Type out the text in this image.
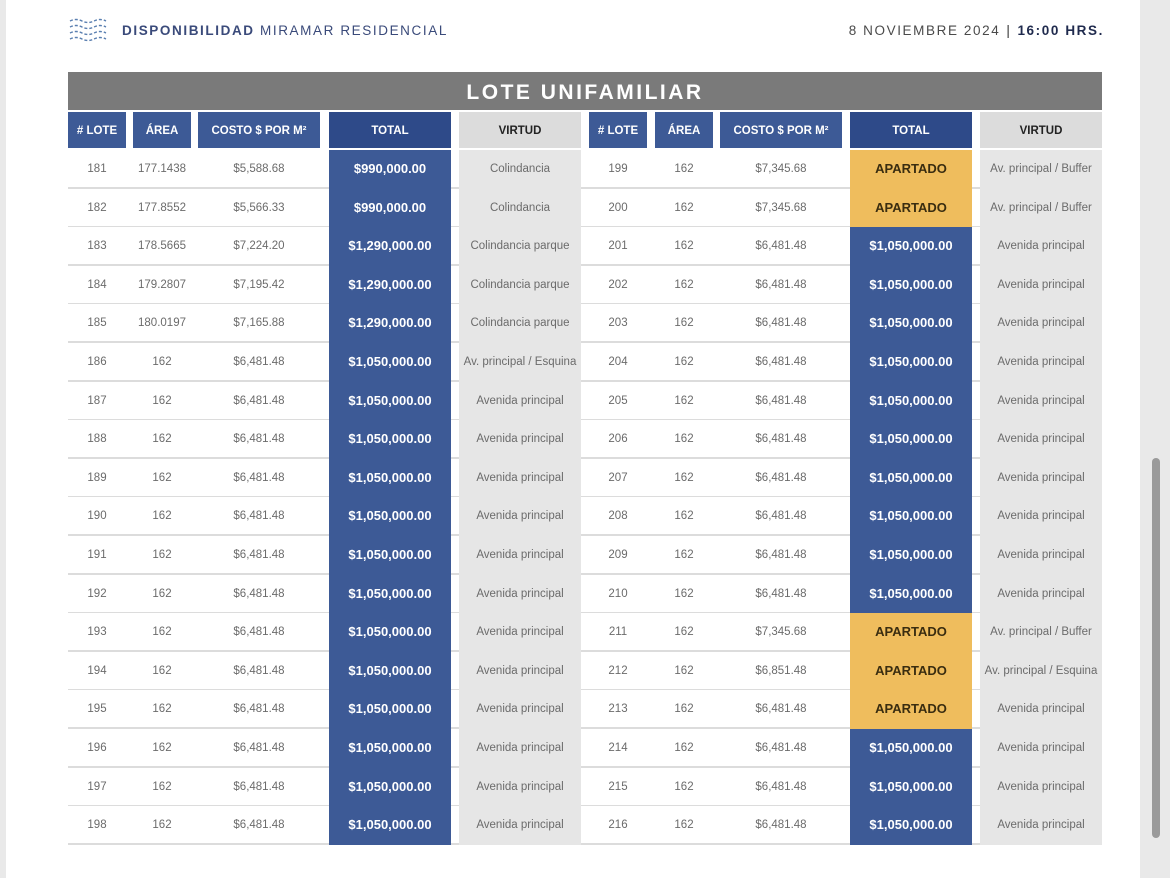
DISPONIBILIDAD MIRAMAR RESIDENCIAL	8 NOVIEMBRE 2024 | 16:00 HRS.
LOTE UNIFAMILIAR
# LOTE	ÁREA	COSTO $ POR M²	TOTAL	VIRTUD	# LOTE	ÁREA	COSTO $ POR M²	TOTAL	VIRTUD
181	177.1438	$5,588.68	$990,000.00	Colindancia	199	162	$7,345.68	APARTADO	Av. principal / Buffer
182	177.8552	$5,566.33	$990,000.00	Colindancia	200	162	$7,345.68	APARTADO	Av. principal / Buffer
183	178.5665	$7,224.20	$1,290,000.00	Colindancia parque	201	162	$6,481.48	$1,050,000.00	Avenida principal
184	179.2807	$7,195.42	$1,290,000.00	Colindancia parque	202	162	$6,481.48	$1,050,000.00	Avenida principal
185	180.0197	$7,165.88	$1,290,000.00	Colindancia parque	203	162	$6,481.48	$1,050,000.00	Avenida principal
186	162	$6,481.48	$1,050,000.00	Av. principal / Esquina	204	162	$6,481.48	$1,050,000.00	Avenida principal
187	162	$6,481.48	$1,050,000.00	Avenida principal	205	162	$6,481.48	$1,050,000.00	Avenida principal
188	162	$6,481.48	$1,050,000.00	Avenida principal	206	162	$6,481.48	$1,050,000.00	Avenida principal
189	162	$6,481.48	$1,050,000.00	Avenida principal	207	162	$6,481.48	$1,050,000.00	Avenida principal
190	162	$6,481.48	$1,050,000.00	Avenida principal	208	162	$6,481.48	$1,050,000.00	Avenida principal
191	162	$6,481.48	$1,050,000.00	Avenida principal	209	162	$6,481.48	$1,050,000.00	Avenida principal
192	162	$6,481.48	$1,050,000.00	Avenida principal	210	162	$6,481.48	$1,050,000.00	Avenida principal
193	162	$6,481.48	$1,050,000.00	Avenida principal	211	162	$7,345.68	APARTADO	Av. principal / Buffer
194	162	$6,481.48	$1,050,000.00	Avenida principal	212	162	$6,851.48	APARTADO	Av. principal / Esquina
195	162	$6,481.48	$1,050,000.00	Avenida principal	213	162	$6,481.48	APARTADO	Avenida principal
196	162	$6,481.48	$1,050,000.00	Avenida principal	214	162	$6,481.48	$1,050,000.00	Avenida principal
197	162	$6,481.48	$1,050,000.00	Avenida principal	215	162	$6,481.48	$1,050,000.00	Avenida principal
198	162	$6,481.48	$1,050,000.00	Avenida principal	216	162	$6,481.48	$1,050,000.00	Avenida principal
